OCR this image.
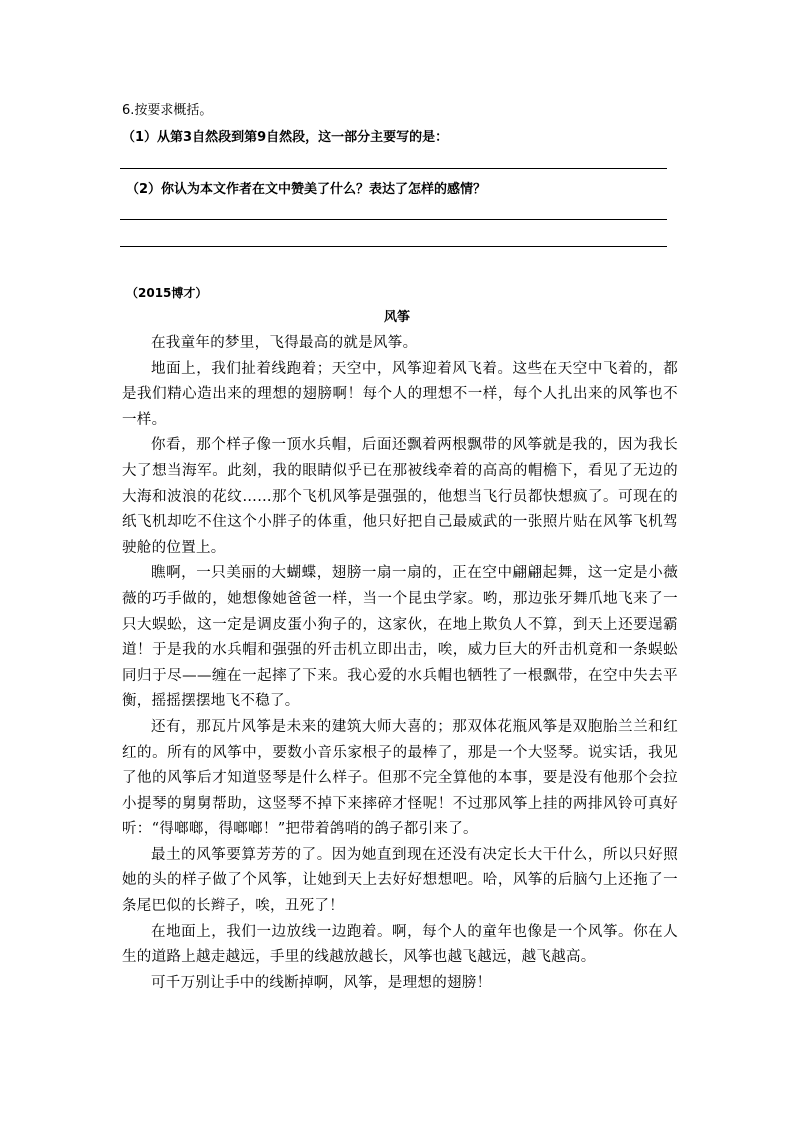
6.按要求概括。
（1）从第3自然段到第9自然段，这一部分主要写的是：
（2）你认为本文作者在文中赞美了什么？表达了怎样的感情？
（2015博才）
风筝

在我童年的梦里，飞得最高的就是风筝。

地面上，我们扯着线跑着；天空中，风筝迎着风飞着。这些在天空中飞着的，都是我们精心造出来的理想的翅膀啊！每个人的理想不一样，每个人扎出来的风筝也不一样。

你看，那个样子像一顶水兵帽，后面还飘着两根飘带的风筝就是我的，因为我长大了想当海军。此刻，我的眼睛似乎已在那被线牵着的高高的帽檐下，看见了无边的大海和波浪的花纹……那个飞机风筝是强强的，他想当飞行员都快想疯了。可现在的纸飞机却吃不住这个小胖子的体重，他只好把自己最威武的一张照片贴在风筝飞机驾驶舱的位置上。

瞧啊，一只美丽的大蝴蝶，翅膀一扇一扇的，正在空中翩翩起舞，这一定是小薇薇的巧手做的，她想像她爸爸一样，当一个昆虫学家。哟，那边张牙舞爪地飞来了一只大蜈蚣，这一定是调皮蛋小狗子的，这家伙，在地上欺负人不算，到天上还要逞霸道！于是我的水兵帽和强强的歼击机立即出击，唉，威力巨大的歼击机竟和一条蜈蚣同归于尽——缠在一起摔了下来。我心爱的水兵帽也牺牲了一根飘带，在空中失去平衡，摇摇摆摆地飞不稳了。

还有，那瓦片风筝是未来的建筑大师大喜的；那双体花瓶风筝是双胞胎兰兰和红红的。所有的风筝中，要数小音乐家根子的最棒了，那是一个大竖琴。说实话，我见了他的风筝后才知道竖琴是什么样子。但那不完全算他的本事，要是没有他那个会拉小提琴的舅舅帮助，这竖琴不掉下来摔碎才怪呢！不过那风筝上挂的两排风铃可真好听：“得啷啷，得啷啷！”把带着鸽哨的鸽子都引来了。

最土的风筝要算芳芳的了。因为她直到现在还没有决定长大干什么，所以只好照她的头的样子做了个风筝，让她到天上去好好想想吧。哈，风筝的后脑勺上还拖了一条尾巴似的长辫子，唉，丑死了！

在地面上，我们一边放线一边跑着。啊，每个人的童年也像是一个风筝。你在人生的道路上越走越远，手里的线越放越长，风筝也越飞越远，越飞越高。

可千万别让手中的线断掉啊，风筝，是理想的翅膀！
